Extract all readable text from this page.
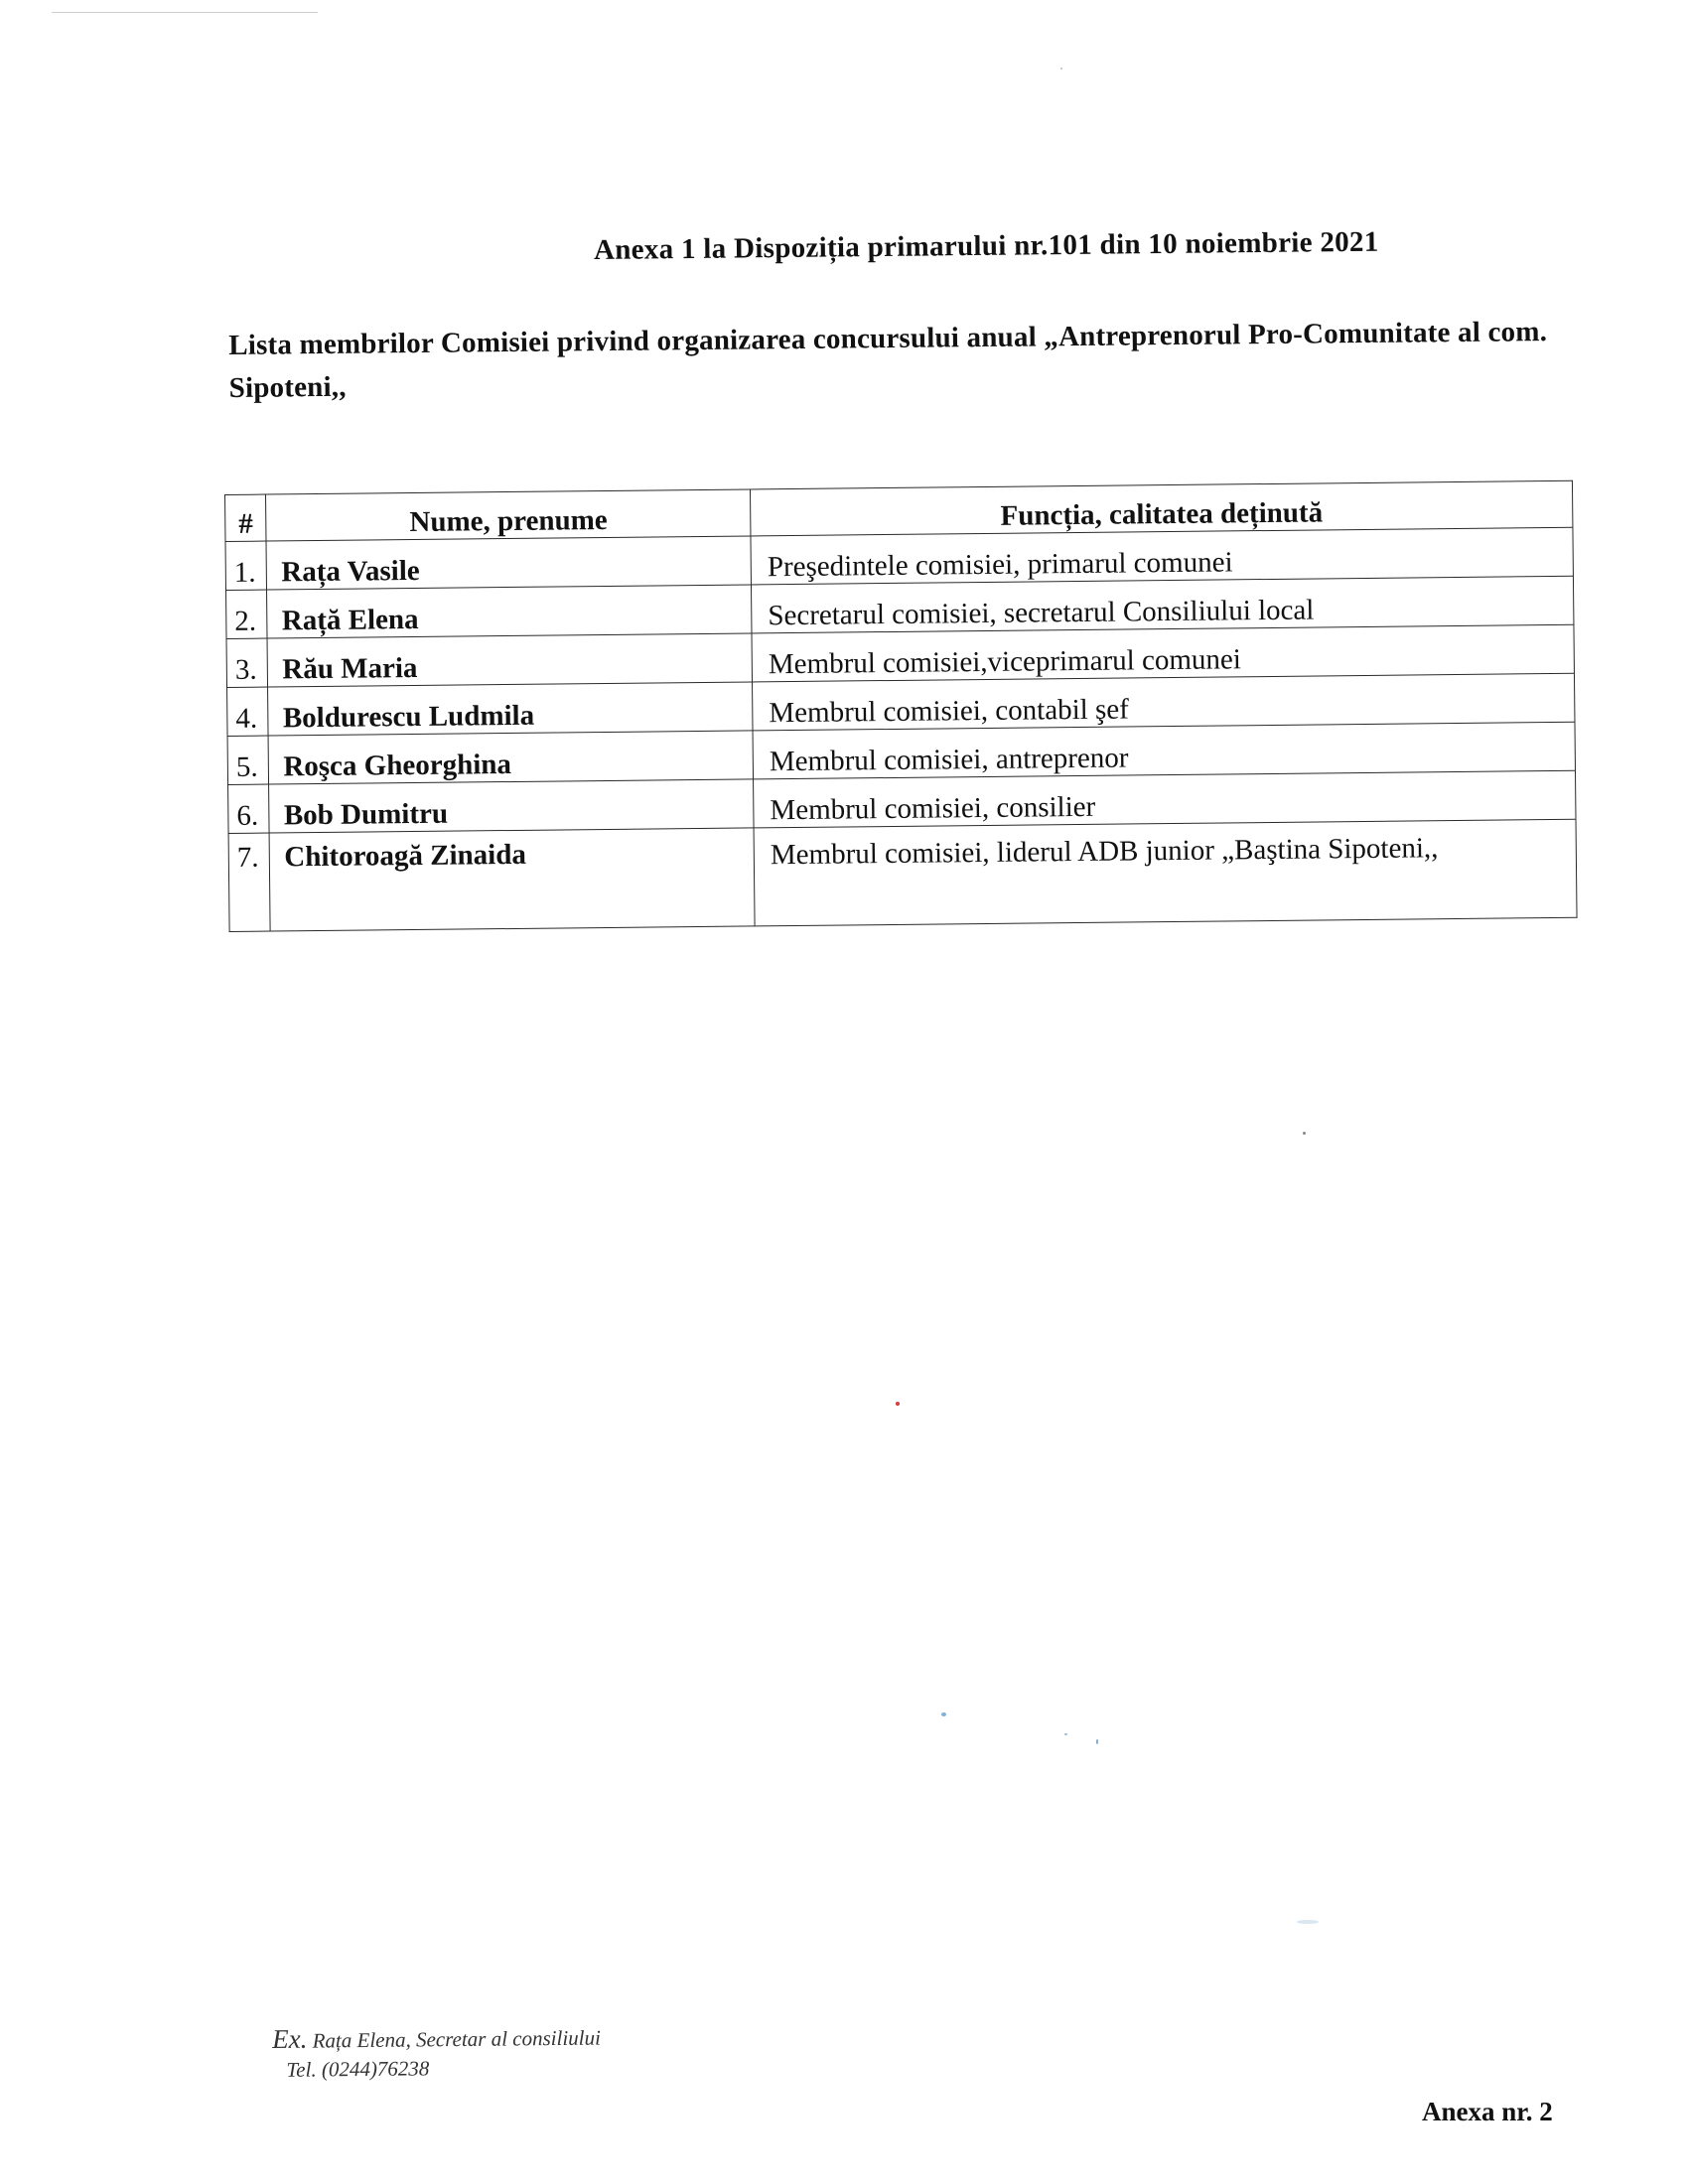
Anexa 1 la Dispoziția primarului nr.101 din 10 noiembrie 2021
Lista membrilor Comisiei privind organizarea concursului anual „Antreprenorul Pro-Comunitate al com. Sipoteni,,
#	Nume, prenume	Funcția, calitatea deținută
1.	Rața Vasile	Preşedintele comisiei, primarul comunei
2.	Rață Elena	Secretarul comisiei, secretarul Consiliului local
3.	Rău Maria	Membrul comisiei,viceprimarul comunei
4.	Boldurescu Ludmila	Membrul comisiei, contabil şef
5.	Roşca Gheorghina	Membrul comisiei, antreprenor
6.	Bob Dumitru	Membrul comisiei, consilier
7.	Chitoroagă Zinaida	Membrul comisiei, liderul ADB junior „Baştina Sipoteni,,
Ex. Rața Elena, Secretar al consiliului
Tel. (0244)76238
Anexa nr. 2
